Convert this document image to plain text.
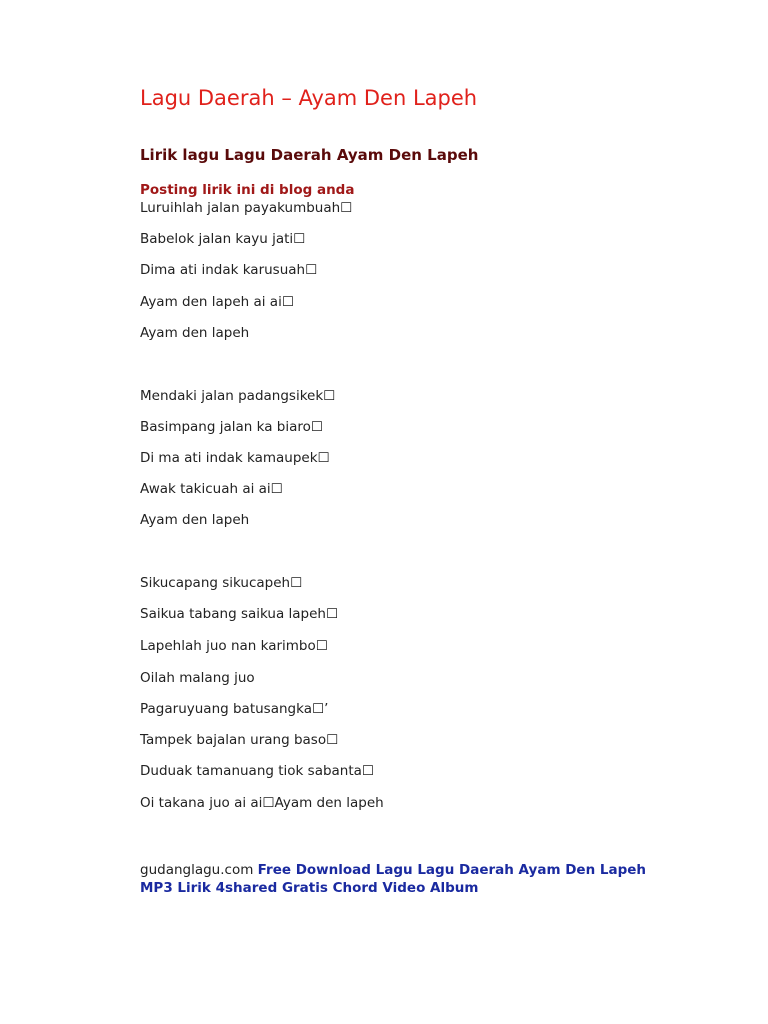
Lagu Daerah – Ayam Den Lapeh
Lirik lagu Lagu Daerah Ayam Den Lapeh
Posting lirik ini di blog anda
Luruihlah jalan payakumbuah☐
Babelok jalan kayu jati☐
Dima ati indak karusuah☐
Ayam den lapeh ai ai☐
Ayam den lapeh
Mendaki jalan padangsikek☐
Basimpang jalan ka biaro☐
Di ma ati indak kamaupek☐
Awak takicuah ai ai☐
Ayam den lapeh
Sikucapang sikucapeh☐
Saikua tabang saikua lapeh☐
Lapehlah juo nan karimbo☐
Oilah malang juo
Pagaruyuang batusangka☐’
Tampek bajalan urang baso☐
Duduak tamanuang tiok sabanta☐
Oi takana juo ai ai☐Ayam den lapeh
gudanglagu.com Free Download Lagu Lagu Daerah Ayam Den Lapeh MP3 Lirik 4shared Gratis Chord Video Album
